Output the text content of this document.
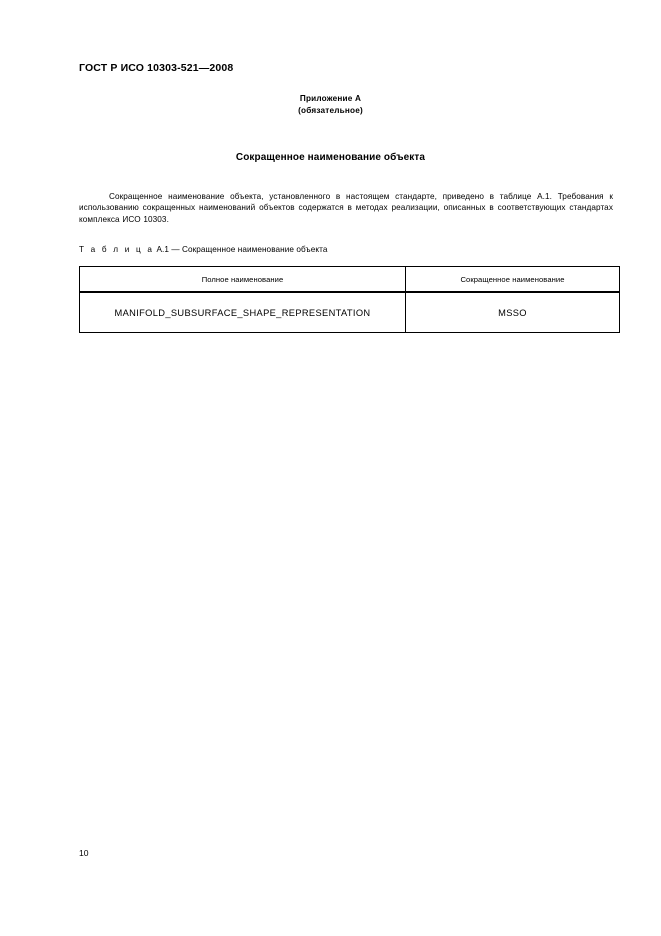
ГОСТ Р ИСО 10303-521—2008
Приложение А
(обязательное)
Сокращенное наименование объекта
Сокращенное наименование объекта, установленного в настоящем стандарте, приведено в таблице А.1. Требования к использованию сокращенных наименований объектов содержатся в методах реализации, описанных в соответствующих стандартах комплекса ИСО 10303.
Т а б л и ц а А.1 — Сокращенное наименование объекта
Полное наименование	Сокращенное наименование
MANIFOLD_SUBSURFACE_SHAPE_REPRESENTATION	MSSO
10
